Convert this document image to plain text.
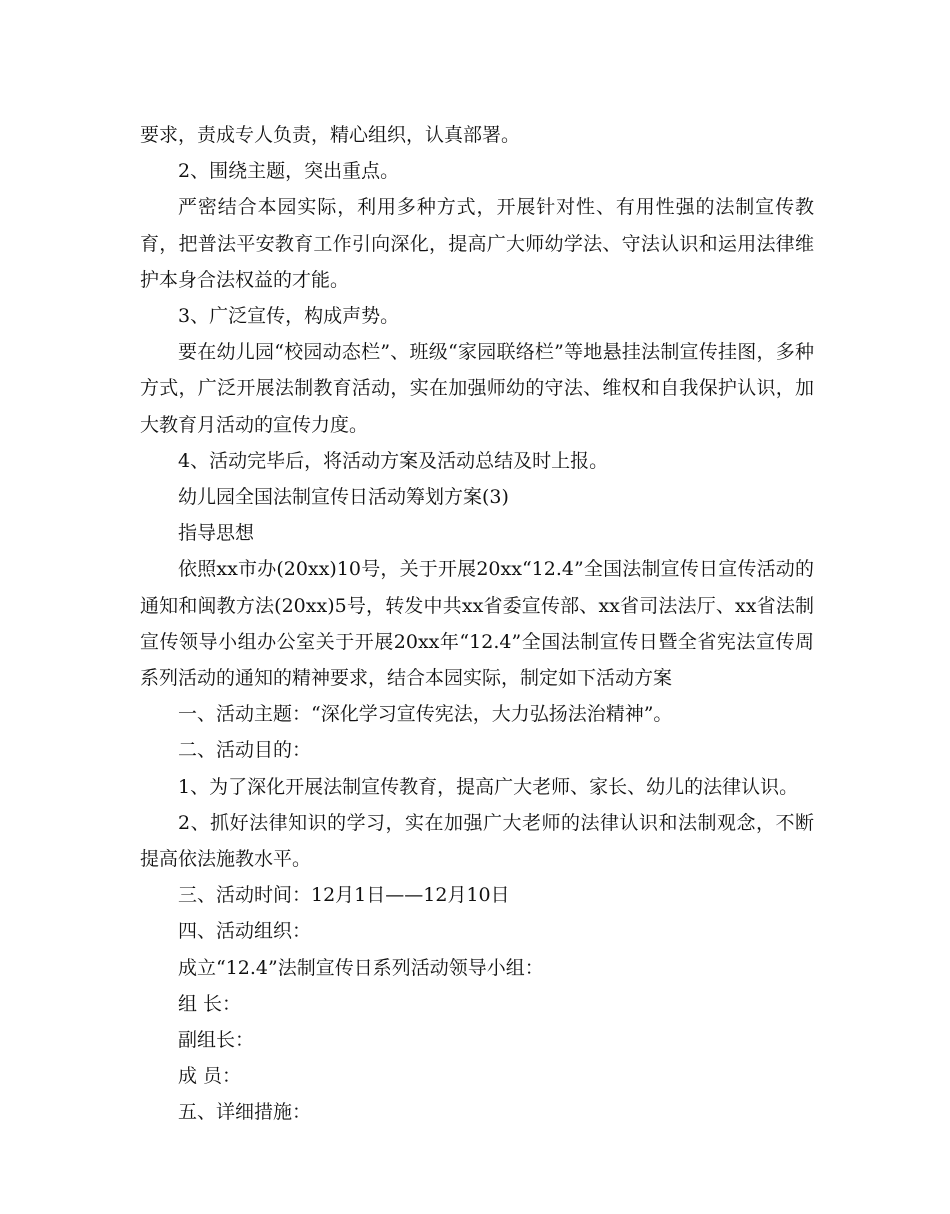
要求，责成专人负责，精心组织，认真部署。

2、围绕主题，突出重点。

严密结合本园实际，利用多种方式，开展针对性、有用性强的法制宣传教育，把普法平安教育工作引向深化，提高广大师幼学法、守法认识和运用法律维护本身合法权益的才能。

3、广泛宣传，构成声势。

要在幼儿园“校园动态栏”、班级“家园联络栏”等地悬挂法制宣传挂图，多种方式，广泛开展法制教育活动，实在加强师幼的守法、维权和自我保护认识，加大教育月活动的宣传力度。

4、活动完毕后，将活动方案及活动总结及时上报。

幼儿园全国法制宣传日活动筹划方案(3)

指导思想

依照xx市办(20xx)10号，关于开展20xx“12.4”全国法制宣传日宣传活动的通知和闽教方法(20xx)5号，转发中共xx省委宣传部、xx省司法法厅、xx省法制宣传领导小组办公室关于开展20xx年“12.4”全国法制宣传日暨全省宪法宣传周系列活动的通知的精神要求，结合本园实际，制定如下活动方案

一、活动主题：“深化学习宣传宪法，大力弘扬法治精神”。

二、活动目的：

1、为了深化开展法制宣传教育，提高广大老师、家长、幼儿的法律认识。

2、抓好法律知识的学习，实在加强广大老师的法律认识和法制观念，不断提高依法施教水平。

三、活动时间：12月1日——12月10日

四、活动组织：

成立“12.4”法制宣传日系列活动领导小组：

组 长：

副组长：

成 员：

五、详细措施：
